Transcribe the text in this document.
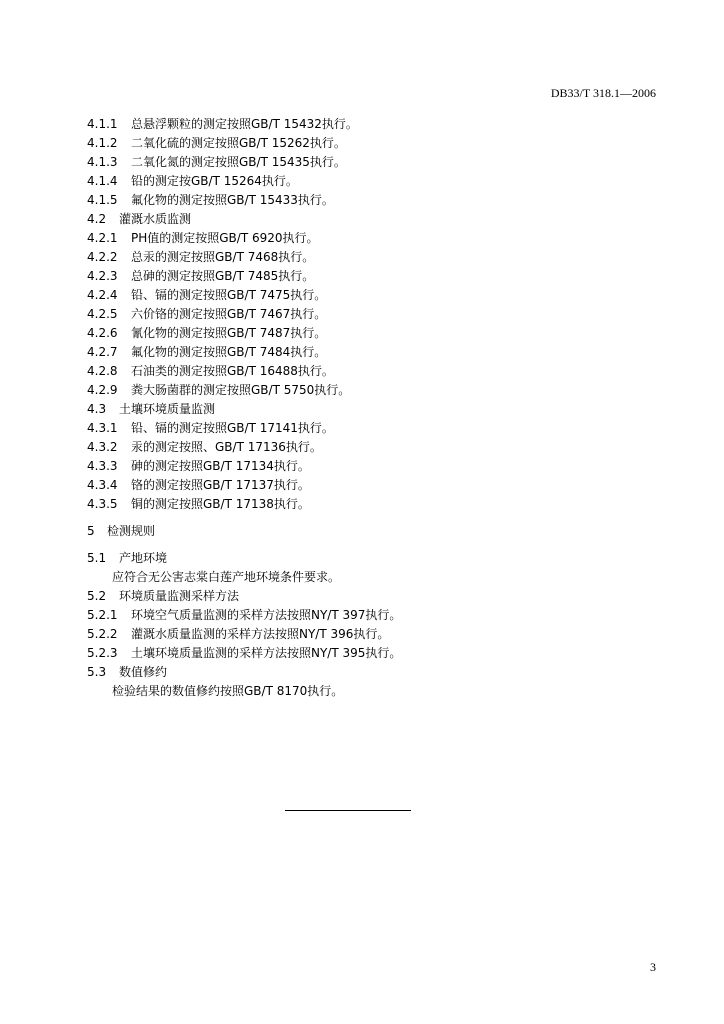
DB33/T 318.1—2006
4.1.1 总悬浮颗粒的测定按照GB/T 15432执行。
4.1.2 二氧化硫的测定按照GB/T 15262执行。
4.1.3 二氧化氮的测定按照GB/T 15435执行。
4.1.4 铅的测定按GB/T 15264执行。
4.1.5 氟化物的测定按照GB/T 15433执行。
4.2 灌溉水质监测
4.2.1 PH值的测定按照GB/T 6920执行。
4.2.2 总汞的测定按照GB/T 7468执行。
4.2.3 总砷的测定按照GB/T 7485执行。
4.2.4 铅、镉的测定按照GB/T 7475执行。
4.2.5 六价铬的测定按照GB/T 7467执行。
4.2.6 氰化物的测定按照GB/T 7487执行。
4.2.7 氟化物的测定按照GB/T 7484执行。
4.2.8 石油类的测定按照GB/T 16488执行。
4.2.9 粪大肠菌群的测定按照GB/T 5750执行。
4.3 土壤环境质量监测
4.3.1 铅、镉的测定按照GB/T 17141执行。
4.3.2 汞的测定按照、GB/T 17136执行。
4.3.3 砷的测定按照GB/T 17134执行。
4.3.4 铬的测定按照GB/T 17137执行。
4.3.5 铜的测定按照GB/T 17138执行。
5 检测规则
5.1 产地环境
应符合无公害志棠白莲产地环境条件要求。
5.2 环境质量监测采样方法
5.2.1 环境空气质量监测的采样方法按照NY/T 397执行。
5.2.2 灌溉水质量监测的采样方法按照NY/T 396执行。
5.2.3 土壤环境质量监测的采样方法按照NY/T 395执行。
5.3 数值修约
检验结果的数值修约按照GB/T 8170执行。
3
